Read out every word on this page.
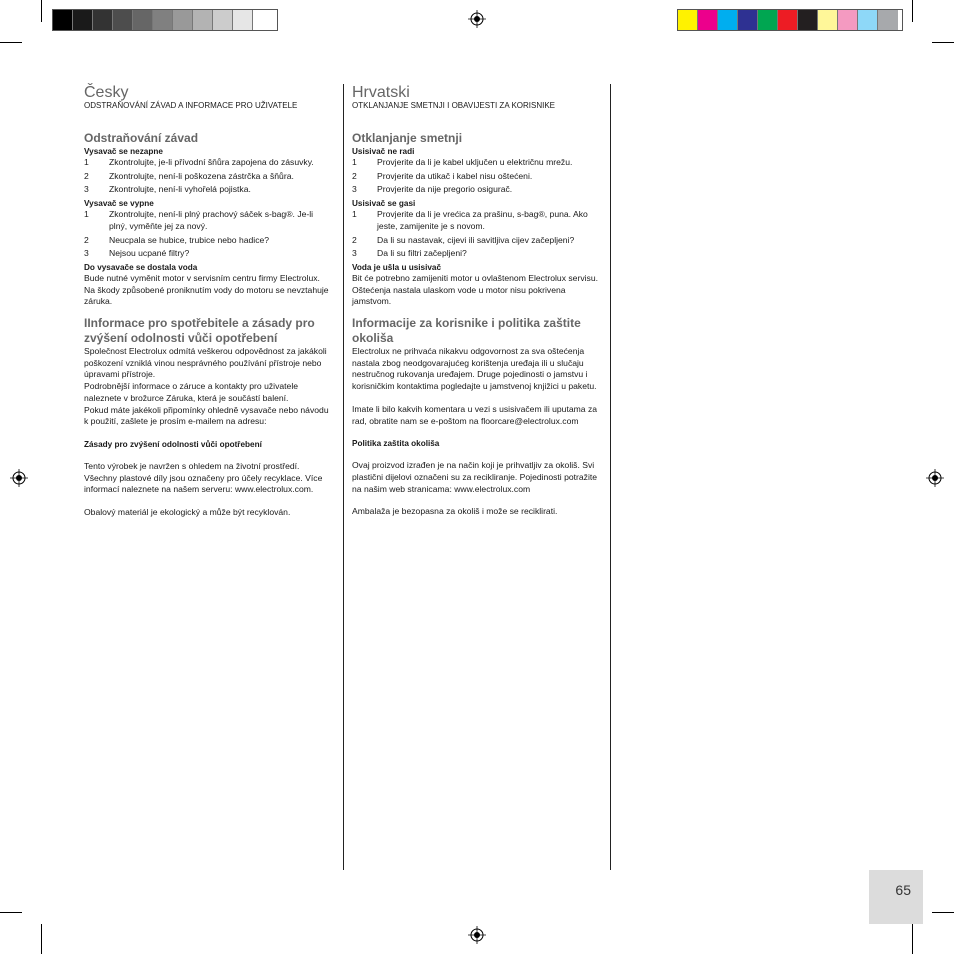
Česky

ODSTRAŇOVÁNÍ ZÁVAD A INFORMACE PRO UŽIVATELE

Odstraňování závad

Vysavač se nezapne

1	Zkontrolujte, je-li přívodní šňůra zapojena do zásuvky.
2	Zkontrolujte, není-li poškozena zástrčka a šňůra.
3	Zkontrolujte, není-li vyhořelá pojistka.

Vysavač se vypne

1	Zkontrolujte, není-li plný prachový sáček s-bag®. Je-li plný, vyměňte jej za nový.
2	Neucpala se hubice, trubice nebo hadice?
3	Nejsou ucpané filtry?

Do vysavače se dostala voda

Bude nutné vyměnit motor v servisním centru firmy Electrolux. Na škody způsobené proniknutím vody do motoru se nevztahuje záruka.

IInformace pro spotřebitele a zásady pro zvýšení odolnosti vůči opotřebení

Společnost Electrolux odmítá veškerou odpovědnost za jakákoli poškození vzniklá vinou nesprávného používání přístroje nebo úpravami přístroje.

Podrobnější informace o záruce a kontakty pro uživatele naleznete v brožurce Záruka, která je součástí balení.

Pokud máte jakékoli připomínky ohledně vysavače nebo návodu k použití, zašlete je prosím e-mailem na adresu:

Zásady pro zvýšení odolnosti vůči opotřebení

Tento výrobek je navržen s ohledem na životní prostředí. Všechny plastové díly jsou označeny pro účely recyklace. Více informací naleznete na našem serveru: www.electrolux.com.

Obalový materiál je ekologický a může být recyklován.

Hrvatski

OTKLANJANJE SMETNJI I OBAVIJESTI ZA KORISNIKE

Otklanjanje smetnji

Usisivač ne radi

1	Provjerite da li je kabel uključen u električnu mrežu.
2	Provjerite da utikač i kabel nisu oštećeni.
3	Provjerite da nije pregorio osigurač.

Usisivač se gasi

1	Provjerite da li je vrećica za prašinu, s-bag®, puna. Ako jeste, zamijenite je s novom.
2	Da li su nastavak, cijevi ili savitljiva cijev začepljeni?
3	Da li su filtri začepljeni?

Voda je ušla u usisivač

Bit će potrebno zamijeniti motor u ovlaštenom Electrolux servisu. Oštećenja nastala ulaskom vode u motor nisu pokrivena jamstvom.

Informacije za korisnike i politika zaštite okoliša

Electrolux ne prihvaća nikakvu odgovornost za sva oštećenja nastala zbog neodgovarajućeg korištenja uređaja ili u slučaju nestručnog rukovanja uređajem. Druge pojedinosti o jamstvu i korisničkim kontaktima pogledajte u jamstvenoj knjižici u paketu.

Imate li bilo kakvih komentara u vezi s usisivačem ili uputama za rad, obratite nam se e-poštom na floorcare@electrolux.com

Politika zaštita okoliša

Ovaj proizvod izrađen je na način koji je prihvatljiv za okoliš. Svi plastični dijelovi označeni su za recikliranje. Pojedinosti potražite na našim web stranicama: www.electrolux.com

Ambalaža je bezopasna za okoliš i može se reciklirati.

65
